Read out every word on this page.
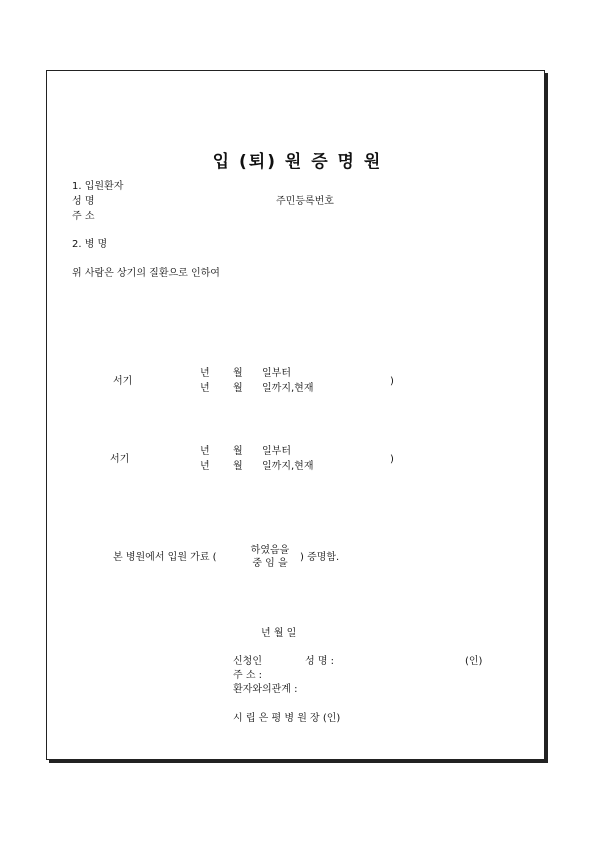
입 (퇴) 원 증 명 원
1. 입원환자
성 명	주민등록번호
주 소
2. 병 명
위 사람은 상기의 질환으로 인하여
서기
년 월 일부터
년 월 일까지,현재
)
서기
년 월 일부터
년 월 일까지,현재
)
본 병원에서 입원 가료 (
하였음을
중 임 을
) 증명함.
년 월 일
신청인	성 명 :	(인)
주 소 :
환자와의관계 :
시 립 은 평 병 원 장 (인)
